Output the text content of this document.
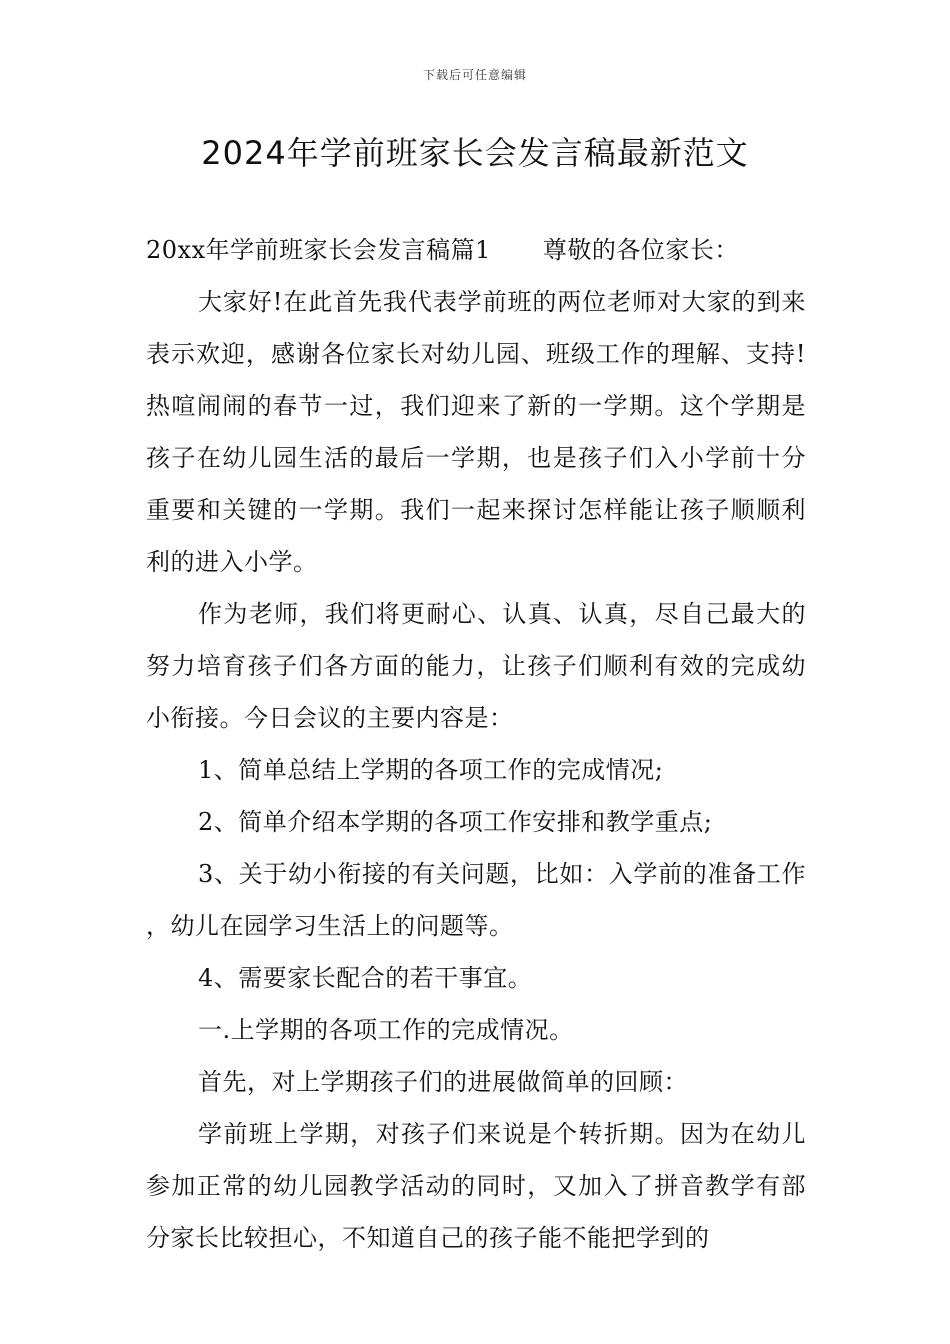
下载后可任意编辑
2024年学前班家长会发言稿最新范文

20xx年学前班家长会发言稿篇1 尊敬的各位家长：

大家好!在此首先我代表学前班的两位老师对大家的到来表示欢迎，感谢各位家长对幼儿园、班级工作的理解、支持!热喧闹闹的春节一过，我们迎来了新的一学期。这个学期是孩子在幼儿园生活的最后一学期，也是孩子们入小学前十分重要和关键的一学期。我们一起来探讨怎样能让孩子顺顺利利的进入小学。

作为老师，我们将更耐心、认真、认真，尽自己最大的努力培育孩子们各方面的能力，让孩子们顺利有效的完成幼小衔接。今日会议的主要内容是：

1、简单总结上学期的各项工作的完成情况;

2、简单介绍本学期的各项工作安排和教学重点;

3、关于幼小衔接的有关问题，比如：入学前的准备工作 ，幼儿在园学习生活上的问题等。

4、需要家长配合的若干事宜。

一.上学期的各项工作的完成情况。

首先，对上学期孩子们的进展做简单的回顾：

学前班上学期，对孩子们来说是个转折期。因为在幼儿参加正常的幼儿园教学活动的同时，又加入了拼音教学有部分家长比较担心，不知道自己的孩子能不能把学到的
